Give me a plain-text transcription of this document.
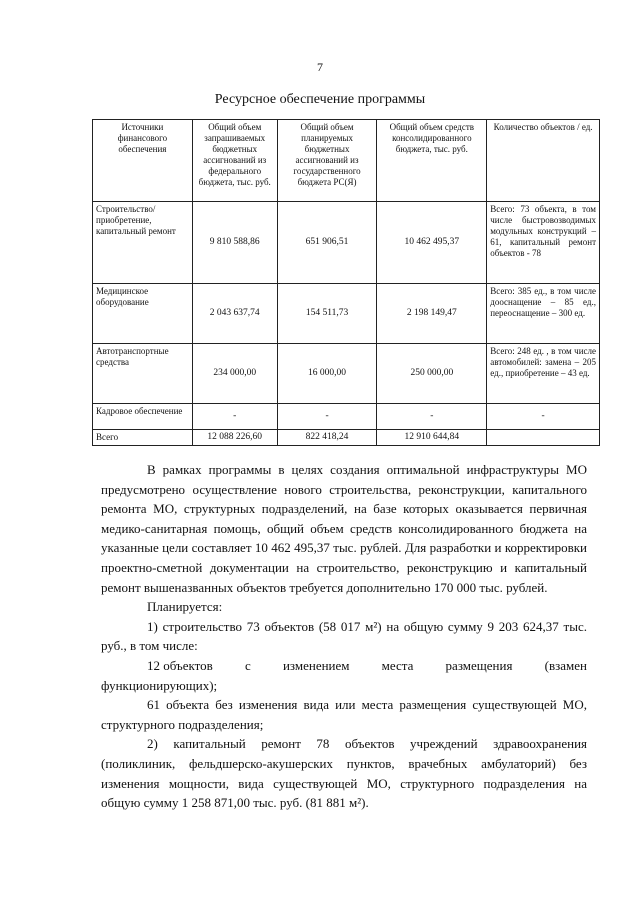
7
Ресурсное обеспечение программы
Источники финансового обеспечения	Общий объем запрашиваемых бюджетных ассигнований из федерального бюджета, тыс. руб.	Общий объем планируемых бюджетных ассигнований из государственного бюджета РС(Я)	Общий объем средств консолидированного бюджета, тыс. руб.	Количество объектов / ед.
Строительство/ приобретение, капитальный ремонт	9 810 588,86	651 906,51	10 462 495,37	Всего: 73 объекта, в том числе быстровозводимых модульных конструкций – 61, капитальный ремонт объектов - 78
Медицинское оборудование	2 043 637,74	154 511,73	2 198 149,47	Всего: 385 ед., в том числе дооснащение – 85 ед., переоснащение – 300 ед.
Автотранспортные средства	234 000,00	16 000,00	250 000,00	Всего: 248 ед. , в том числе автомобилей: замена – 205 ед., приобретение – 43 ед.
Кадровое обеспечение	-	-	-	-
Всего	12 088 226,60	822 418,24	12 910 644,84	

В рамках программы в целях создания оптимальной инфраструктуры МО предусмотрено осуществление нового строительства, реконструкции, капитального ремонта МО, структурных подразделений, на базе которых оказывается первичная медико-санитарная помощь, общий объем средств консолидированного бюджета на указанные цели составляет 10 462 495,37 тыс. рублей. Для разработки и корректировки проектно-сметной документации на строительство, реконструкцию и капитальный ремонт вышеназванных объектов требуется дополнительно 170 000 тыс. рублей.

Планируется:

1) строительство 73 объектов (58 017 м²) на общую сумму 9 203 624,37 тыс. руб., в том числе:

12 объектов с изменением места размещения (взамен

функционирующих);

61 объекта без изменения вида или места размещения существующей МО, структурного подразделения;

2) капитальный ремонт 78 объектов учреждений здравоохранения (поликлиник, фельдшерско-акушерских пунктов, врачебных амбулаторий) без изменения мощности, вида существующей МО, структурного подразделения на общую сумму 1 258 871,00 тыс. руб. (81 881 м²).
